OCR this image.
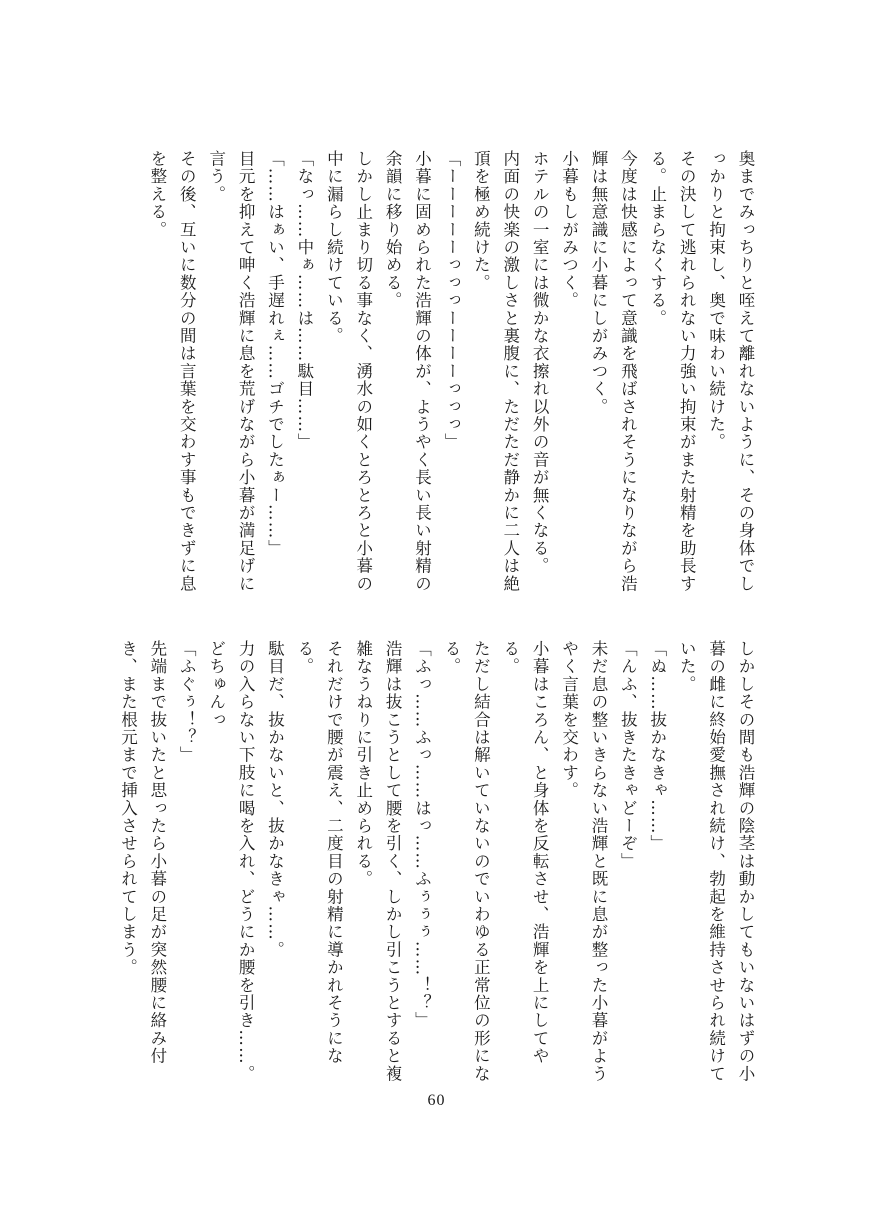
奥までみっちりと咥えて離れないように、その身体でし
っかりと拘束し、奥で味わい続けた。
その決して逃れられない力強い拘束がまた射精を助長す
る。止まらなくする。
今度は快感によって意識を飛ばされそうになりながら浩
輝は無意識に小暮にしがみつく。
小暮もしがみつく。
ホテルの一室には微かな衣擦れ以外の音が無くなる。
内面の快楽の激しさと裏腹に、ただただ静かに二人は絶
頂を極め続けた。
「ーーーーーっっっーーーーっっっ」
小暮に固められた浩輝の体が、ようやく長い長い射精の
余韻に移り始める。
しかし止まり切る事なく、湧水の如くとろとろと小暮の
中に漏らし続けている。
「なっ……中ぁ……は……駄目……」
「……はぁい、手遅れぇ……ゴチでしたぁー……」
目元を抑えて呻く浩輝に息を荒げながら小暮が満足げに
言う。
その後、互いに数分の間は言葉を交わす事もできずに息
を整える。
しかしその間も浩輝の陰茎は動かしてもいないはずの小
暮の雌に終始愛撫され続け、勃起を維持させられ続けて
いた。
「ぬ……抜かなきゃ……」
「んふ、抜きたきゃどーぞ」
未だ息の整いきらない浩輝と既に息が整った小暮がよう
やく言葉を交わす。
小暮はころん、と身体を反転させ、浩輝を上にしてや
る。
ただし結合は解いていないのでいわゆる正常位の形にな
る。
「ふっ……ふっ……はっ……ふぅぅぅ……！？」
浩輝は抜こうとして腰を引く、しかし引こうとすると複
雑なうねりに引き止められる。
それだけで腰が震え、二度目の射精に導かれそうにな
る。
駄目だ、抜かないと、抜かなきゃ……。
力の入らない下肢に喝を入れ、どうにか腰を引き……。
どちゅんっ
「ふぐぅ！？」
先端まで抜いたと思ったら小暮の足が突然腰に絡み付
き、また根元まで挿入させられてしまう。
60
